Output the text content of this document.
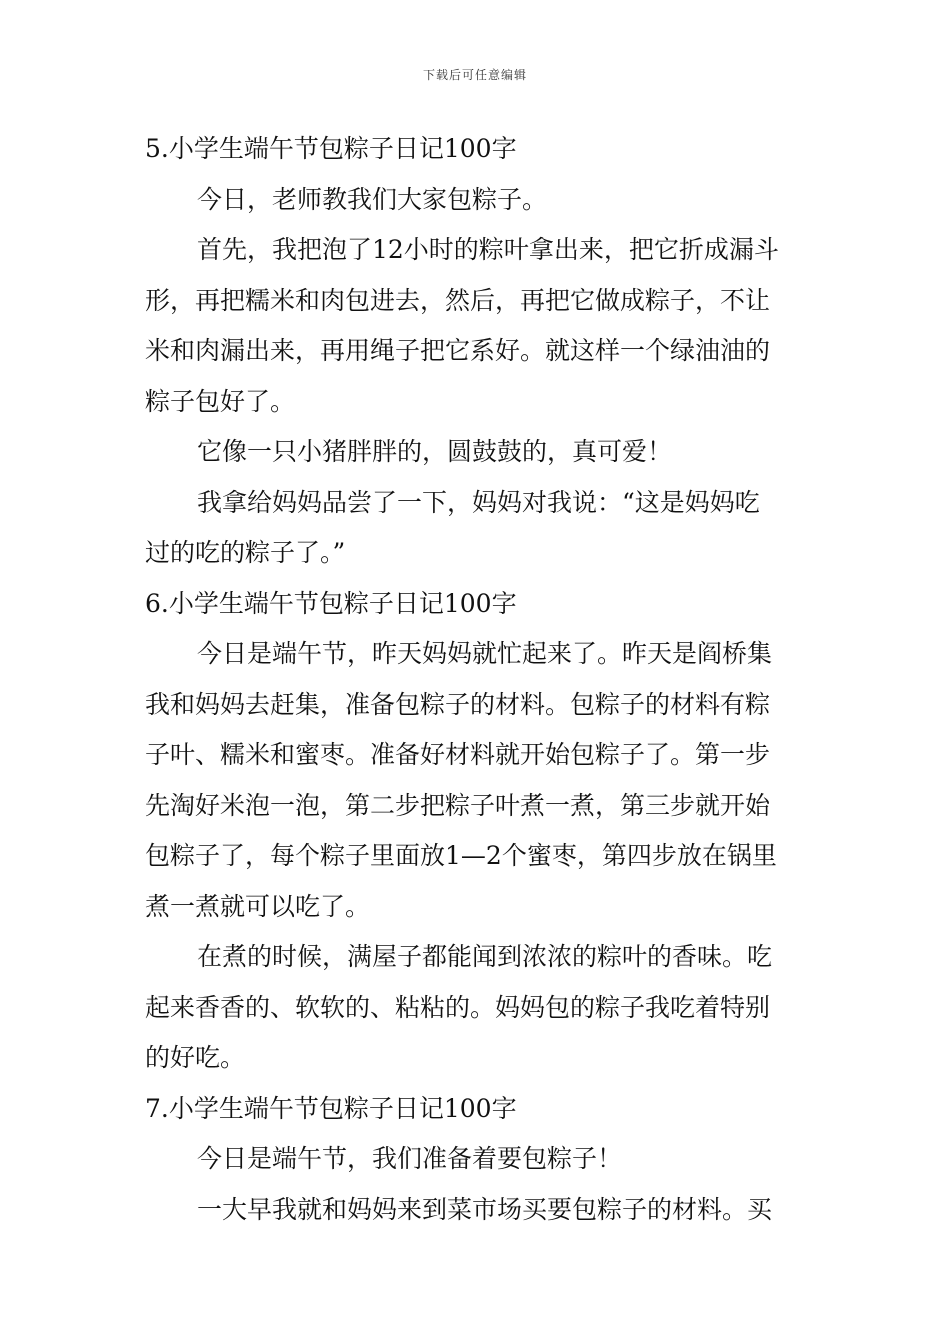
下载后可任意编辑
5.小学生端午节包粽子日记100字
今日，老师教我们大家包粽子。
首先，我把泡了12小时的粽叶拿出来，把它折成漏斗
形，再把糯米和肉包进去，然后，再把它做成粽子，不让
米和肉漏出来，再用绳子把它系好。就这样一个绿油油的
粽子包好了。
它像一只小猪胖胖的，圆鼓鼓的，真可爱！
我拿给妈妈品尝了一下，妈妈对我说：“这是妈妈吃
过的吃的粽子了。”
6.小学生端午节包粽子日记100字
今日是端午节，昨天妈妈就忙起来了。昨天是阎桥集
我和妈妈去赶集，准备包粽子的材料。包粽子的材料有粽
子叶、糯米和蜜枣。准备好材料就开始包粽子了。第一步
先淘好米泡一泡，第二步把粽子叶煮一煮，第三步就开始
包粽子了，每个粽子里面放1—2个蜜枣，第四步放在锅里
煮一煮就可以吃了。
在煮的时候，满屋子都能闻到浓浓的粽叶的香味。吃
起来香香的、软软的、粘粘的。妈妈包的粽子我吃着特别
的好吃。
7.小学生端午节包粽子日记100字
今日是端午节，我们准备着要包粽子！
一大早我就和妈妈来到菜市场买要包粽子的材料。买
